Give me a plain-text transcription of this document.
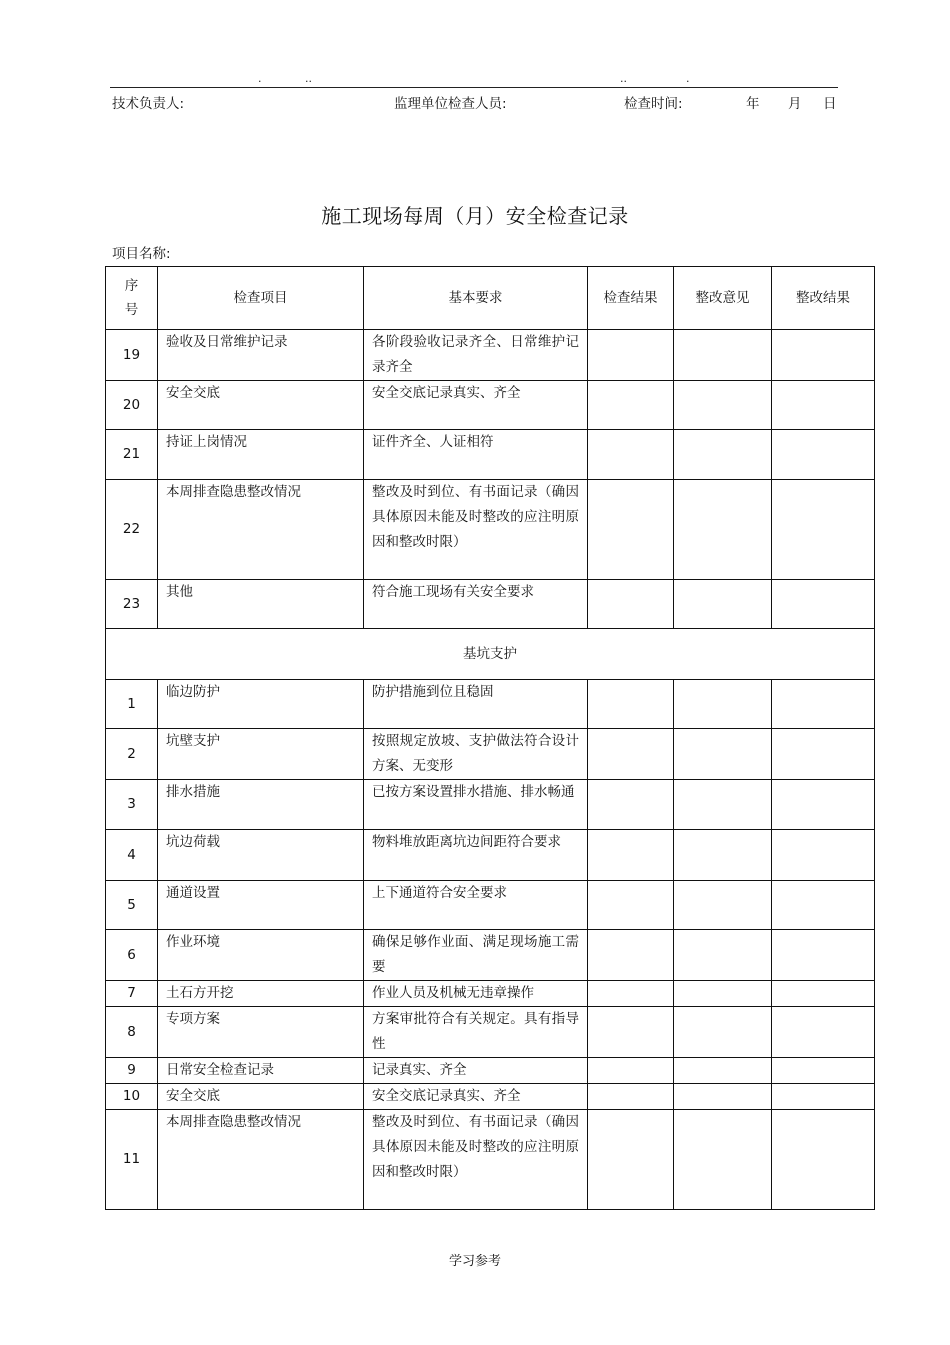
.	..	..	.
技术负责人:	监理单位检查人员:	检查时间:	年 月 日
施工现场每周（月）安全检查记录
项目名称:
序
号	检查项目	基本要求	检查结果	整改意见	整改结果
19	验收及日常维护记录	各阶段验收记录齐全、日常维护记录齐全			
20	安全交底	安全交底记录真实、齐全			
21	持证上岗情况	证件齐全、人证相符			
22	本周排查隐患整改情况	整改及时到位、有书面记录（确因具体原因未能及时整改的应注明原因和整改时限）			
23	其他	符合施工现场有关安全要求			
基坑支护					
1	临边防护	防护措施到位且稳固			
2	坑壁支护	按照规定放坡、支护做法符合设计方案、无变形			
3	排水措施	已按方案设置排水措施、排水畅通			
4	坑边荷载	物料堆放距离坑边间距符合要求			
5	通道设置	上下通道符合安全要求			
6	作业环境	确保足够作业面、满足现场施工需要			
7	土石方开挖	作业人员及机械无违章操作			
8	专项方案	方案审批符合有关规定。具有指导性			
9	日常安全检查记录	记录真实、齐全			
10	安全交底	安全交底记录真实、齐全			
11	本周排查隐患整改情况	整改及时到位、有书面记录（确因具体原因未能及时整改的应注明原因和整改时限）			
学习参考
